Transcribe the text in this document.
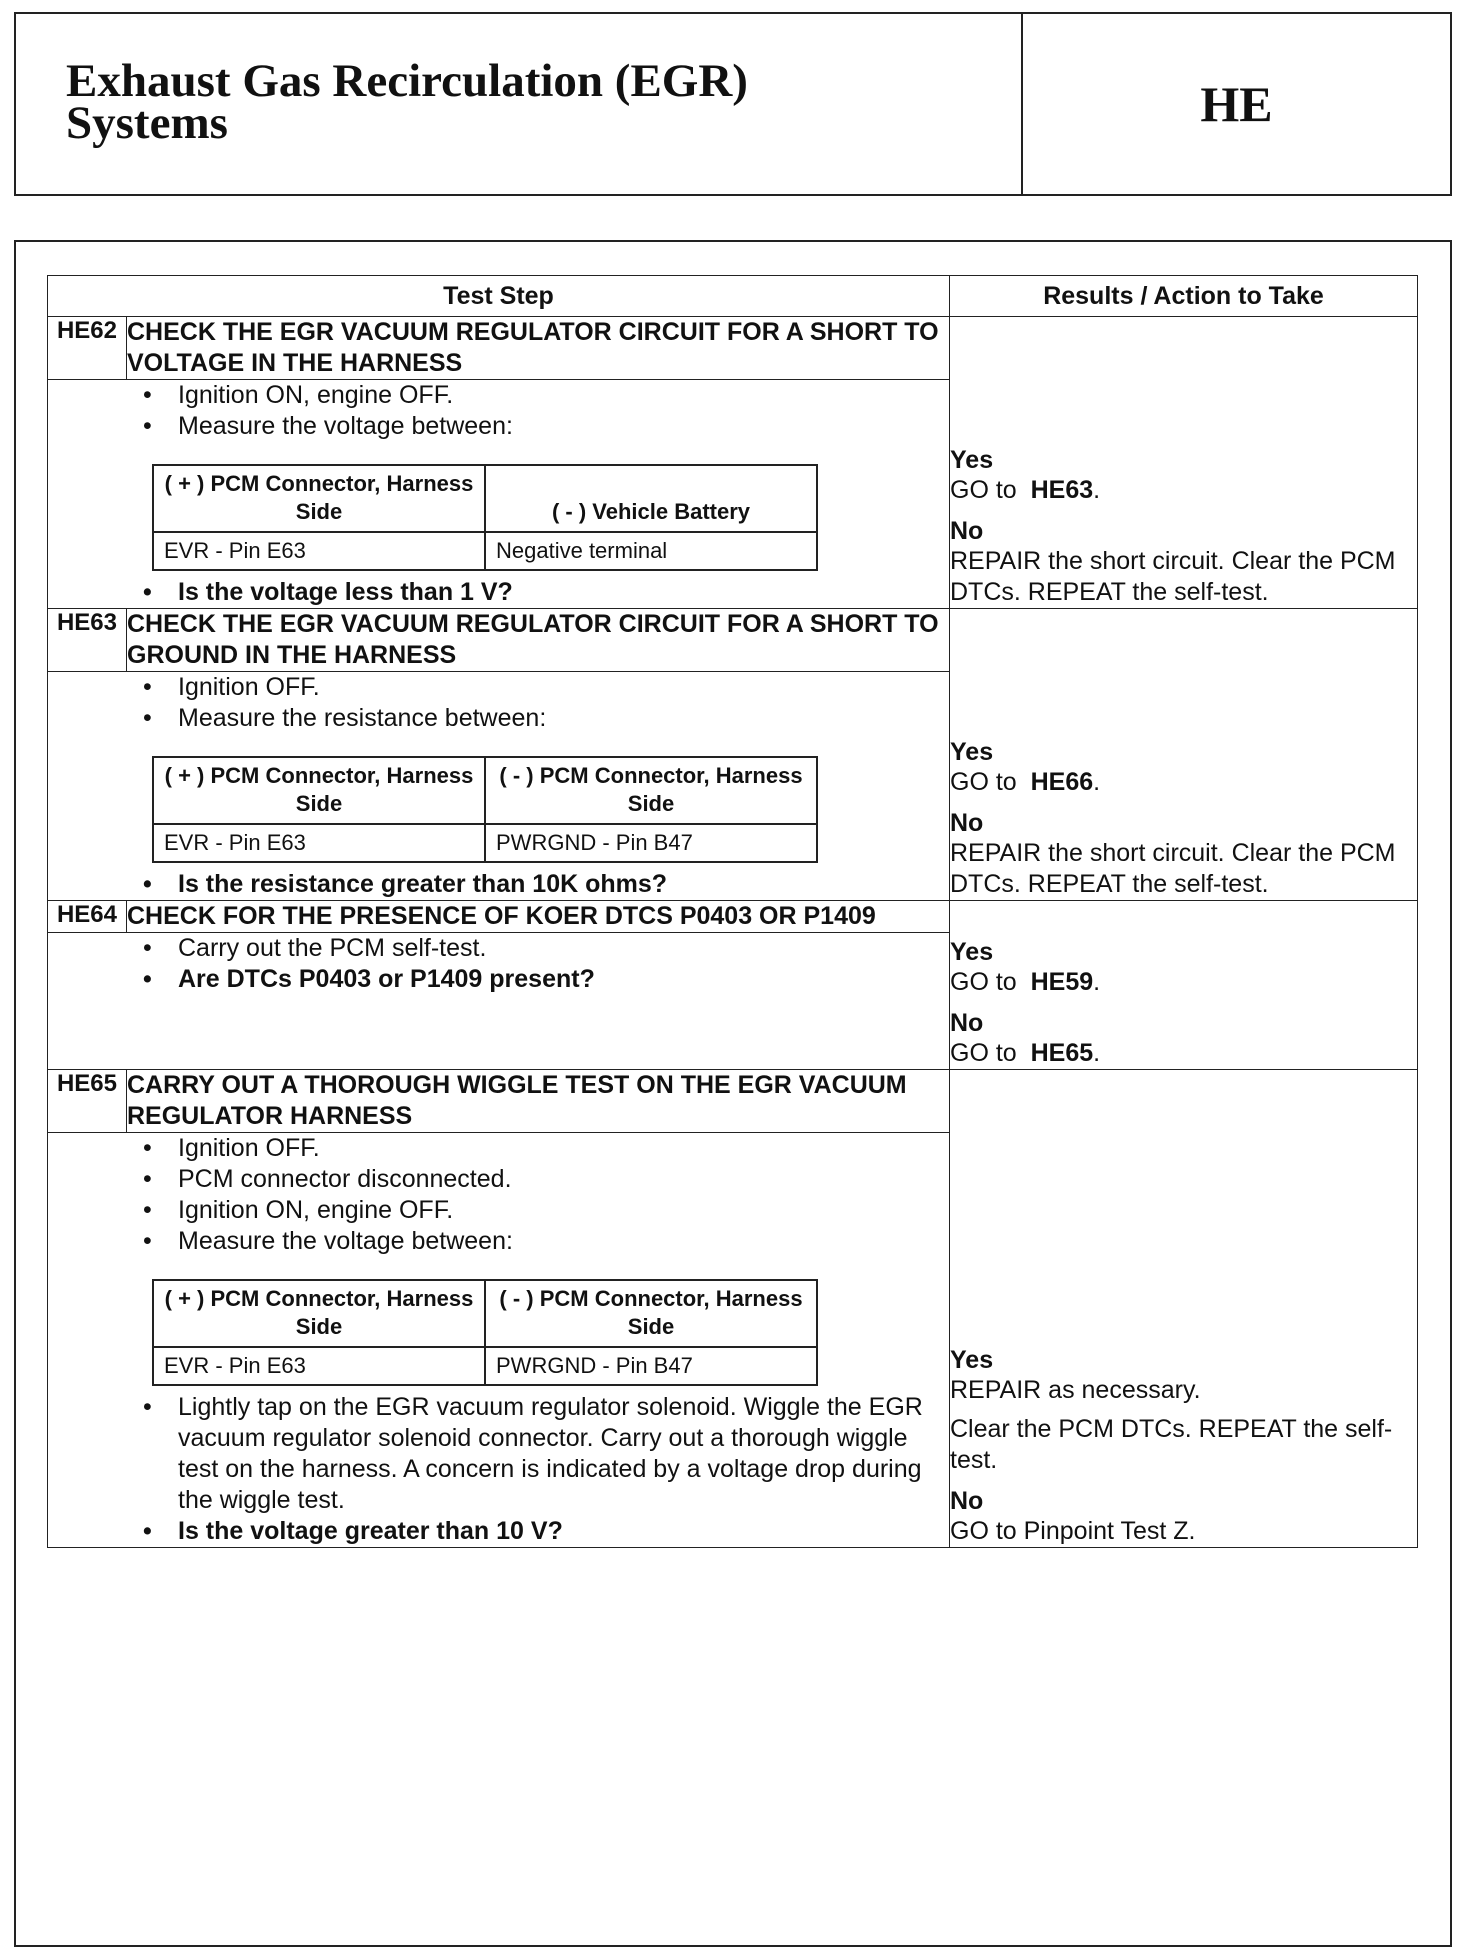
Exhaust Gas Recirculation (EGR)
Systems	HE
Test Step	Results / Action to Take
HE62	CHECK THE EGR VACUUM REGULATOR CIRCUIT FOR A SHORT TO VOLTAGE IN THE HARNESS	
Yes
GO to HE63.
No
REPAIR the short circuit. Clear the PCM DTCs. REPEAT the self-test.

• Ignition ON, engine OFF.
• Measure the voltage between:
( + ) PCM Connector, Harness Side	( - ) Vehicle Battery
EVR - Pin E63	Negative terminal
• Is the voltage less than 1 V?

HE63	CHECK THE EGR VACUUM REGULATOR CIRCUIT FOR A SHORT TO GROUND IN THE HARNESS	
Yes
GO to HE66.
No
REPAIR the short circuit. Clear the PCM DTCs. REPEAT the self-test.

• Ignition OFF.
• Measure the resistance between:
( + ) PCM Connector, Harness Side	( - ) PCM Connector, Harness Side
EVR - Pin E63	PWRGND - Pin B47
• Is the resistance greater than 10K ohms?

HE64	CHECK FOR THE PRESENCE OF KOER DTCS P0403 OR P1409	
Yes
GO to HE59.
No
GO to HE65.

• Carry out the PCM self-test.
• Are DTCs P0403 or P1409 present?

HE65	CARRY OUT A THOROUGH WIGGLE TEST ON THE EGR VACUUM REGULATOR HARNESS	
Yes
REPAIR as necessary.
Clear the PCM DTCs. REPEAT the self-test.
No
GO to Pinpoint Test Z.

• Ignition OFF.
• PCM connector disconnected.
• Ignition ON, engine OFF.
• Measure the voltage between:
( + ) PCM Connector, Harness Side	( - ) PCM Connector, Harness Side
EVR - Pin E63	PWRGND - Pin B47
• Lightly tap on the EGR vacuum regulator solenoid. Wiggle the EGR vacuum regulator solenoid connector. Carry out a thorough wiggle test on the harness. A concern is indicated by a voltage drop during the wiggle test.
• Is the voltage greater than 10 V?
